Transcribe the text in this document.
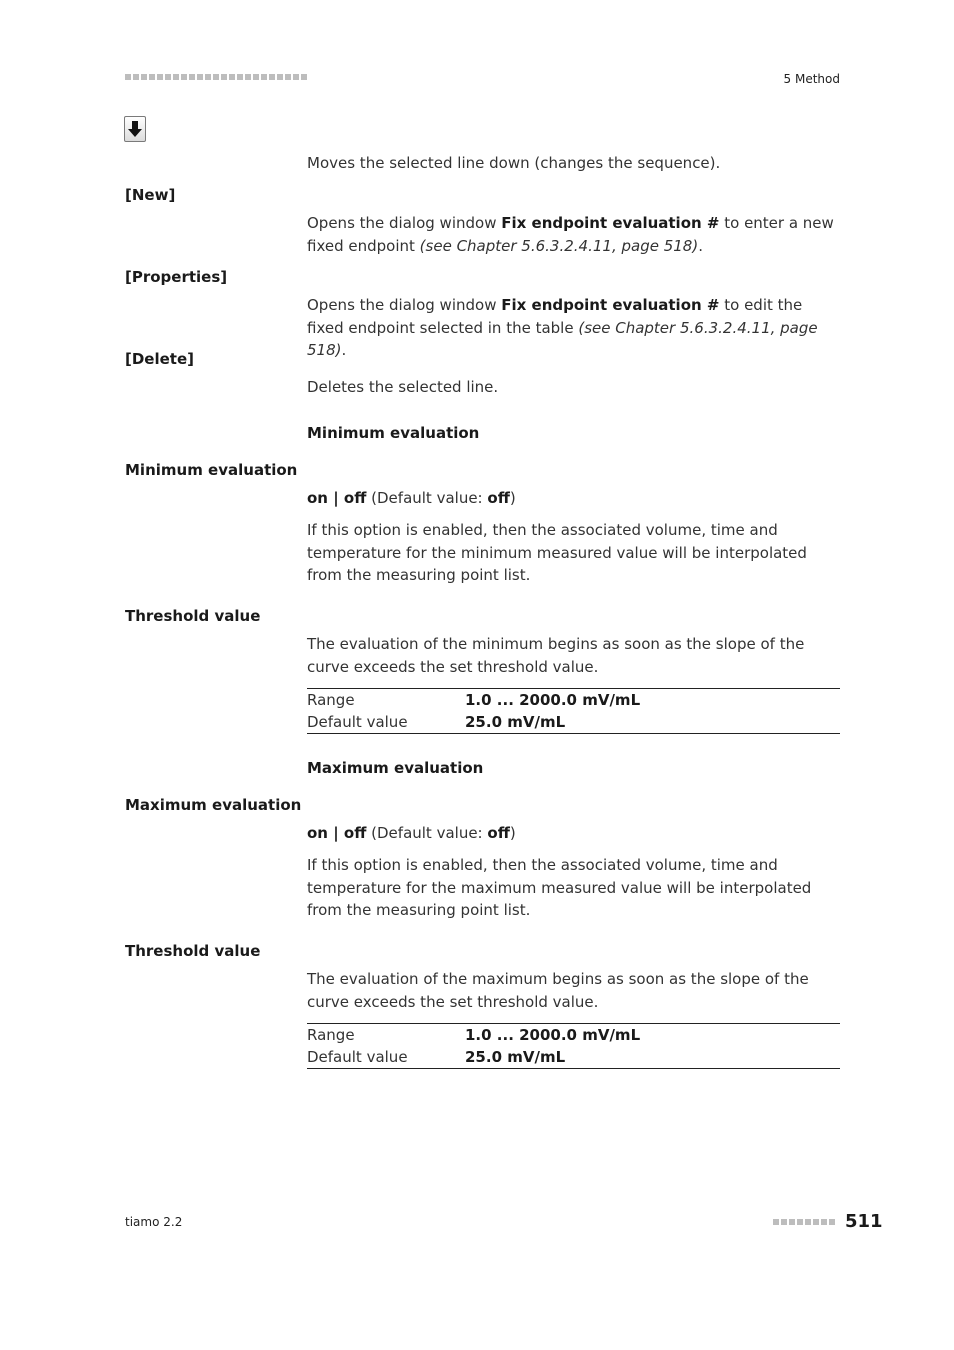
5 Method
Moves the selected line down (changes the sequence).
[New]
Opens the dialog window Fix endpoint evaluation # to enter a new fixed endpoint (see Chapter 5.6.3.2.4.11, page 518).
[Properties]
Opens the dialog window Fix endpoint evaluation # to edit the fixed endpoint selected in the table (see Chapter 5.6.3.2.4.11, page 518).
[Delete]
Deletes the selected line.
Minimum evaluation
Minimum evaluation
on | off (Default value: off)
If this option is enabled, then the associated volume, time and temperature for the minimum measured value will be interpolated from the measuring point list.
Threshold value
The evaluation of the minimum begins as soon as the slope of the curve exceeds the set threshold value.
Range	1.0 ... 2000.0 mV/mL
Default value	25.0 mV/mL
Maximum evaluation
Maximum evaluation
on | off (Default value: off)
If this option is enabled, then the associated volume, time and temperature for the maximum measured value will be interpolated from the measuring point list.
Threshold value
The evaluation of the maximum begins as soon as the slope of the curve exceeds the set threshold value.
Range	1.0 ... 2000.0 mV/mL
Default value	25.0 mV/mL
tiamo 2.2	511
